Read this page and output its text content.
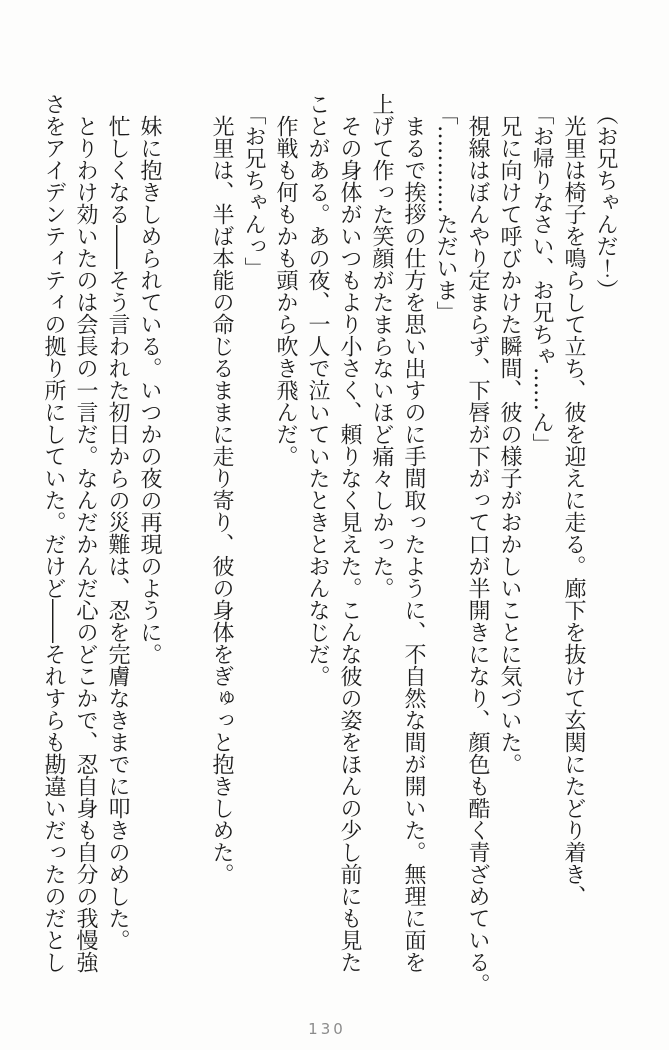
（お兄ちゃんだ！）

光里は椅子を鳴らして立ち、彼を迎えに走る。廊下を抜けて玄関にたどり着き、

「お帰りなさい、お兄ちゃ……ん」

兄に向けて呼びかけた瞬間、彼の様子がおかしいことに気づいた。

視線はぼんやり定まらず、下唇が下がって口が半開きになり、顔色も酷く青ざめている。

「…………ただいま」

まるで挨拶の仕方を思い出すのに手間取ったように、不自然な間が開いた。無理に面を

上げて作った笑顔がたまらないほど痛々しかった。

その身体がいつもより小さく、頼りなく見えた。こんな彼の姿をほんの少し前にも見た

ことがある。あの夜、一人で泣いていたときとおんなじだ。

作戦も何もかも頭から吹き飛んだ。

「お兄ちゃんっ」

光里は、半ば本能の命じるままに走り寄り、彼の身体をぎゅっと抱きしめた。

妹に抱きしめられている。いつかの夜の再現のように。

忙しくなる――そう言われた初日からの災難は、忍を完膚なきまでに叩きのめした。

とりわけ効いたのは会長の一言だ。なんだかんだ心のどこかで、忍自身も自分の我慢強

さをアイデンティティの拠り所にしていた。だけど――それすらも勘違いだったのだとし

130
